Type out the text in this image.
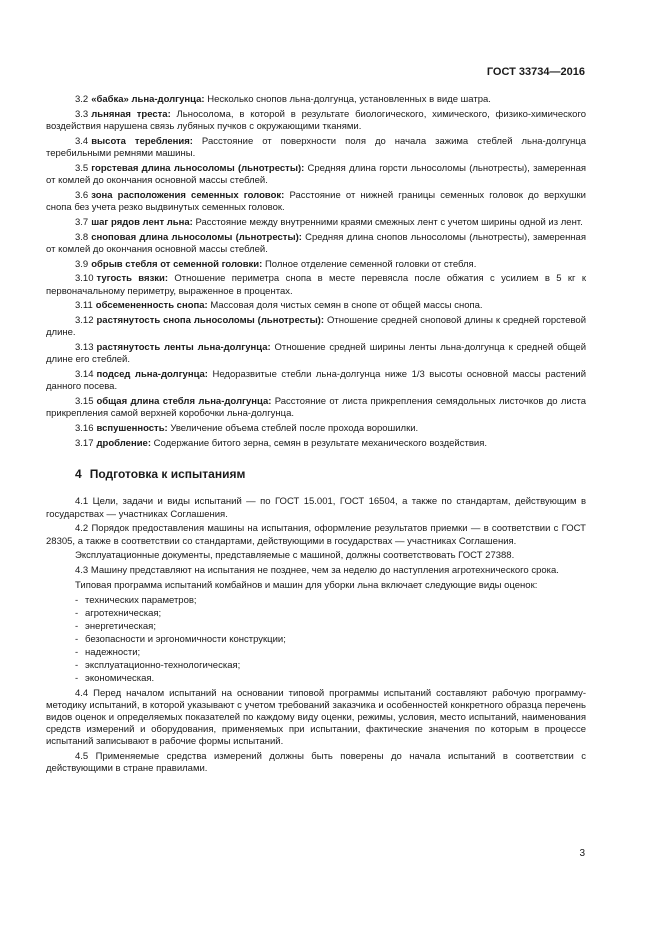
ГОСТ 33734—2016

3.2 «бабка» льна-долгунца: Несколько снопов льна-долгунца, установленных в виде шатра.

3.3 льняная треста: Льносолома, в которой в результате биологического, химического, физико-химического воздействия нарушена связь лубяных пучков с окружающими тканями.

3.4 высота теребления: Расстояние от поверхности поля до начала зажима стеблей льна-долгунца теребильными ремнями машины.

3.5 горстевая длина льносоломы (льнотресты): Средняя длина горсти льносоломы (льнотресты), замеренная от комлей до окончания основной массы стеблей.

3.6 зона расположения семенных головок: Расстояние от нижней границы семенных головок до верхушки снопа без учета резко выдвинутых семенных головок.

3.7 шаг рядов лент льна: Расстояние между внутренними краями смежных лент с учетом ширины одной из лент.

3.8 сноповая длина льносоломы (льнотресты): Средняя длина снопов льносоломы (льнотресты), замеренная от комлей до окончания основной массы стеблей.

3.9 обрыв стебля от семенной головки: Полное отделение семенной головки от стебля.

3.10 тугость вязки: Отношение периметра снопа в месте перевясла после обжатия с усилием в 5 кг к первоначальному периметру, выраженное в процентах.

3.11 обсемененность снопа: Массовая доля чистых семян в снопе от общей массы снопа.

3.12 растянутость снопа льносоломы (льнотресты): Отношение средней сноповой длины к средней горстевой длине.

3.13 растянутость ленты льна-долгунца: Отношение средней ширины ленты льна-долгунца к средней общей длине его стеблей.

3.14 подсед льна-долгунца: Недоразвитые стебли льна-долгунца ниже 1/3 высоты основной массы растений данного посева.

3.15 общая длина стебля льна-долгунца: Расстояние от листа прикрепления семядольных листочков до листа прикрепления самой верхней коробочки льна-долгунца.

3.16 вспушенность: Увеличение объема стеблей после прохода ворошилки.

3.17 дробление: Содержание битого зерна, семян в результате механического воздействия.

4 Подготовка к испытаниям

4.1 Цели, задачи и виды испытаний — по ГОСТ 15.001, ГОСТ 16504, а также по стандартам, действующим в государствах — участниках Соглашения.

4.2 Порядок предоставления машины на испытания, оформление результатов приемки — в соответствии с ГОСТ 28305, а также в соответствии со стандартами, действующими в государствах — участниках Соглашения.

Эксплуатационные документы, представляемые с машиной, должны соответствовать ГОСТ 27388.

4.3 Машину представляют на испытания не позднее, чем за неделю до наступления агротехнического срока.

Типовая программа испытаний комбайнов и машин для уборки льна включает следующие виды оценок:

- технических параметров;
- агротехническая;
- энергетическая;
- безопасности и эргономичности конструкции;
- надежности;
- эксплуатационно-технологическая;
- экономическая.

4.4 Перед началом испытаний на основании типовой программы испытаний составляют рабочую программу-методику испытаний, в которой указывают с учетом требований заказчика и особенностей конкретного образца перечень видов оценок и определяемых показателей по каждому виду оценки, режимы, условия, место испытаний, наименования средств измерений и оборудования, применяемых при испытании, фактические значения по которым в процессе испытаний записывают в рабочие формы испытаний.

4.5 Применяемые средства измерений должны быть поверены до начала испытаний в соответствии с действующими в стране правилами.

3
